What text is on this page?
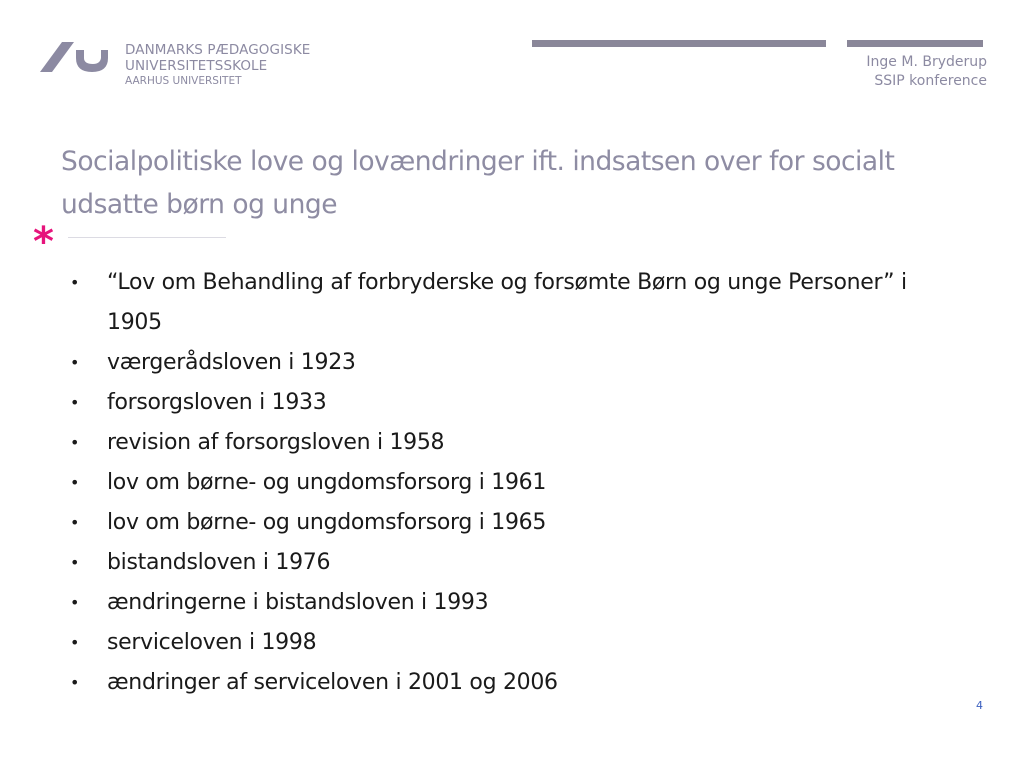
DANMARKS PÆDAGOGISKE
UNIVERSITETSSKOLE
AARHUS UNIVERSITET
Inge M. Bryderup
SSIP konference
Socialpolitiske love og lovændringer ift. indsatsen over for socialt udsatte børn og unge
*
• “Lov om Behandling af forbryderske og forsømte Børn og unge Personer” i 1905
• værgerådsloven i 1923
• forsorgsloven i 1933
• revision af forsorgsloven i 1958
• lov om børne- og ungdomsforsorg i 1961
• lov om børne- og ungdomsforsorg i 1965
• bistandsloven i 1976
• ændringerne i bistandsloven i 1993
• serviceloven i 1998
• ændringer af serviceloven i 2001 og 2006
4
